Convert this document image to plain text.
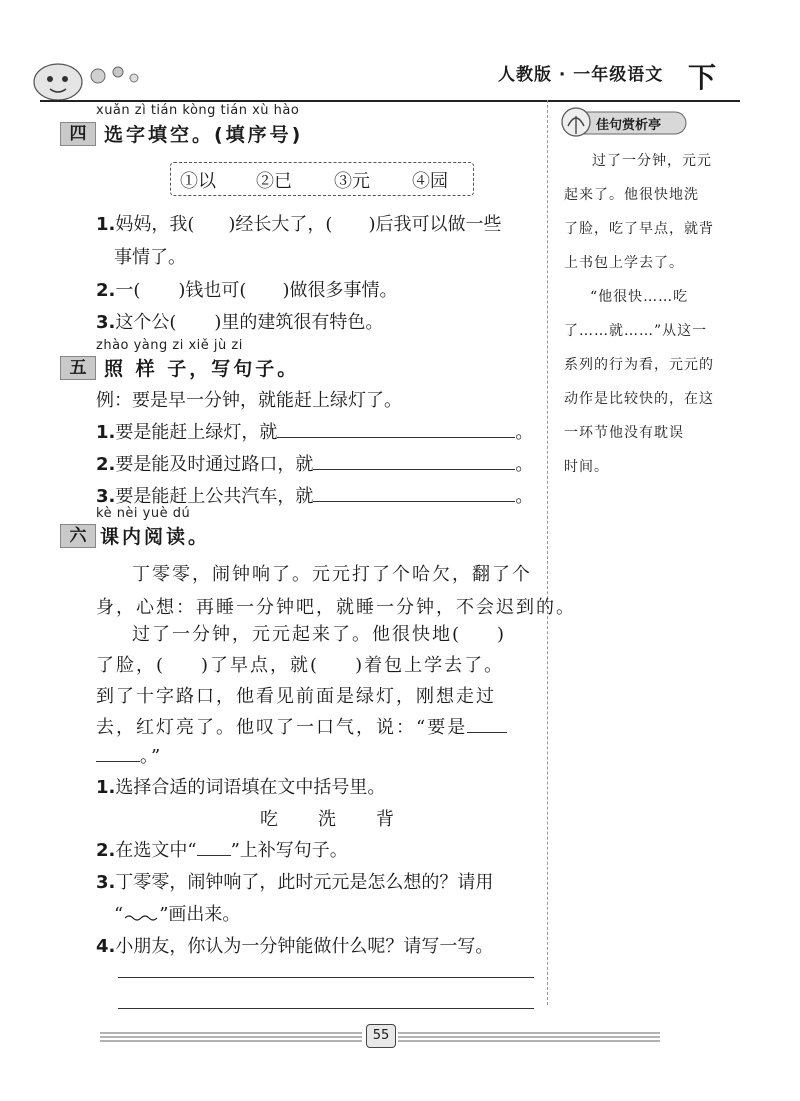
人教版 · 一年级语文 下
xuǎn zì tián kòng tián xù hào
四 选字填空。(填序号)
①以 ②已 ③元 ④园
1.妈妈，我( )经长大了，( )后我可以做一些
事情了。
2.一( )钱也可( )做很多事情。
3.这个公( )里的建筑很有特色。
zhào yàng zi xiě jù zi
五 照 样 子，写句子。
例：要是早一分钟，就能赶上绿灯了。
1.要是能赶上绿灯，就	。
2.要是能及时通过路口，就	。
3.要是能赶上公共汽车，就	。
kè nèi yuè dú
六 课内阅读。
丁零零，闹钟响了。元元打了个哈欠，翻了个
身，心想：再睡一分钟吧，就睡一分钟，不会迟到的。
过了一分钟，元元起来了。他很快地( )
了脸，( )了早点，就( )着包上学去了。
到了十字路口，他看见前面是绿灯，刚想走过
去，红灯亮了。他叹了一口气，说：“要是
。”
1.选择合适的词语填在文中括号里。
吃 洗 背
2.在选文中“ ”上补写句子。
3.丁零零，闹钟响了，此时元元是怎么想的？请用
“ ”画出来。
4.小朋友，你认为一分钟能做什么呢？请写一写。
佳句赏析亭
过了一分钟，元元
起来了。他很快地洗
了脸，吃了早点，就背
上书包上学去了。
“他很快……吃
了……就……”从这一
系列的行为看，元元的
动作是比较快的，在这
一环节他没有耽误
时间。
55
